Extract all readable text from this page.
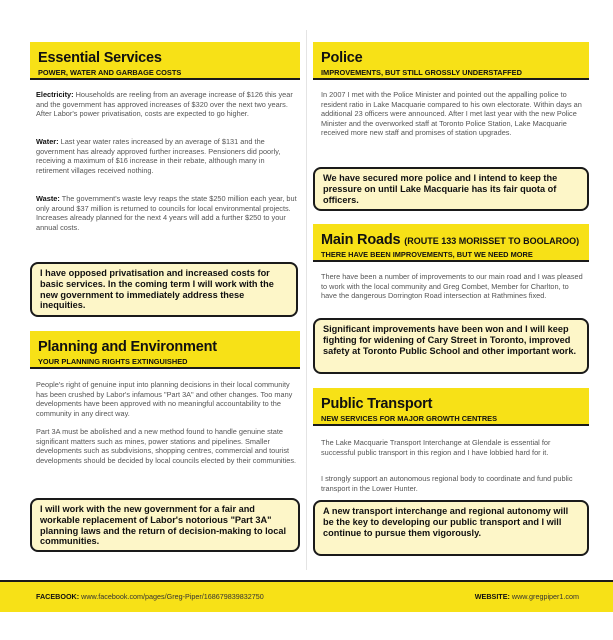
Essential Services
POWER, WATER AND GARBAGE COSTS
Electricity: Households are reeling from an average increase of $126 this year and the government has approved increases of $320 over the next two years. After Labor's power privatisation, costs are expected to go higher.
Water: Last year water rates increased by an average of $131 and the government has already approved further increases. Pensioners did poorly, receiving a maximum of $16 increase in their rebate, although many in retirement villages received nothing.
Waste: The government's waste levy reaps the state $250 million each year, but only around $37 million is returned to councils for local environmental projects. Increases already planned for the next 4 years will add a further $250 to your annual costs.
I have opposed privatisation and increased costs for basic services. In the coming term I will work with the new government to immediately address these inequities.
Planning and Environment
YOUR PLANNING RIGHTS EXTINGUISHED
People's right of genuine input into planning decisions in their local community has been crushed by Labor's infamous "Part 3A" and other changes. Too many developments have been approved with no meaningful accountability to the community in any direct way.
Part 3A must be abolished and a new method found to handle genuine state significant matters such as mines, power stations and pipelines. Smaller developments such as subdivisions, shopping centres, commercial and tourist developments should be decided by local councils elected by their communities.
I will work with the new government for a fair and workable replacement of Labor's notorious "Part 3A" planning laws and the return of decision-making to local communities.
Police
IMPROVEMENTS, BUT STILL GROSSLY UNDERSTAFFED
In 2007 I met with the Police Minister and pointed out the appalling police to resident ratio in Lake Macquarie compared to his own electorate. Within days an additional 23 officers were announced. After I met last year with the new Police Minister and the overworked staff at Toronto Police Station, Lake Macquarie received more new staff and promises of station upgrades.
We have secured more police and I intend to keep the pressure on until Lake Macquarie has its fair quota of officers.
Main Roads (ROUTE 133 MORISSET TO BOOLAROO)
THERE HAVE BEEN IMPROVEMENTS, BUT WE NEED MORE
There have been a number of improvements to our main road and I was pleased to work with the local community and Greg Combet, Member for Charlton, to have the dangerous Dorrington Road intersection at Rathmines fixed.
Significant improvements have been won and I will keep fighting for widening of Cary Street in Toronto, improved safety at Toronto Public School and other important work.
Public Transport
NEW SERVICES FOR MAJOR GROWTH CENTRES
The Lake Macquarie Transport Interchange at Glendale is essential for successful public transport in this region and I have lobbied hard for it.
I strongly support an autonomous regional body to coordinate and fund public transport in the Lower Hunter.
A new transport interchange and regional autonomy will be the key to developing our public transport and I will continue to pursue them vigorously.
FACEBOOK: www.facebook.com/pages/Greg-Piper/168679839832750	WEBSITE: www.gregpiper1.com
